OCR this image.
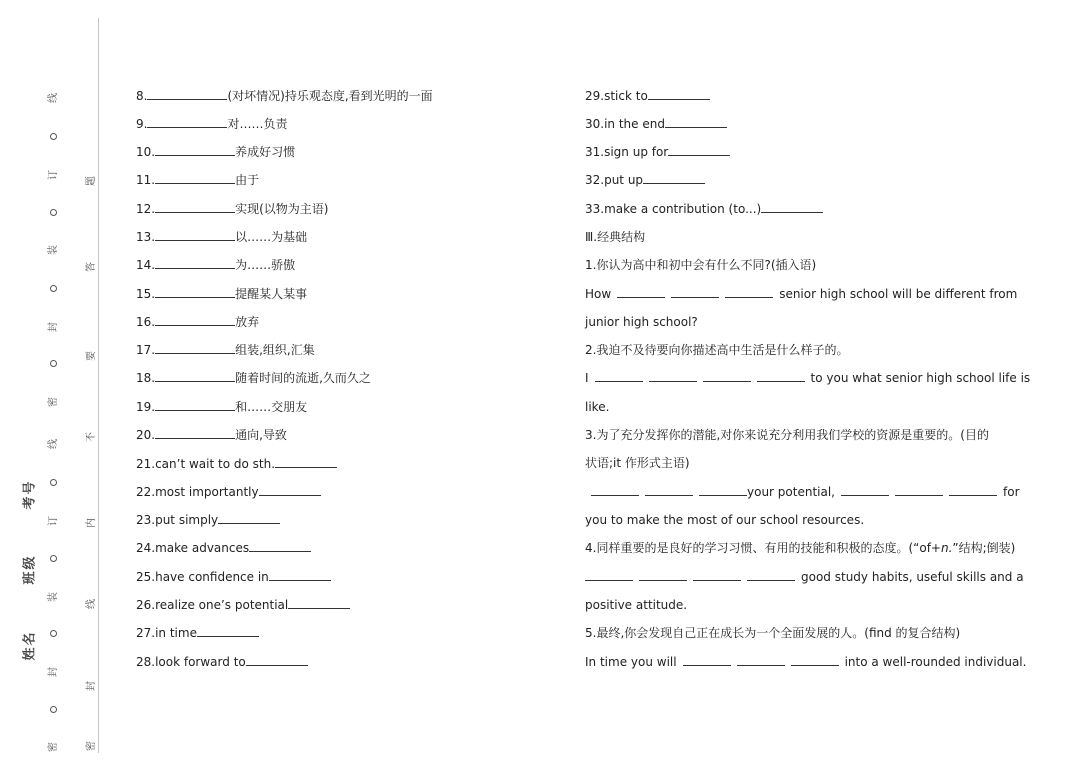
线
订
装
封
密
线
订
装
封
密
考号
班级
姓名
题
答
要
不
内
线
封
密
8.	(对坏情况)持乐观态度,看到光明的一面
9.	对……负责
10.	养成好习惯
11.	由于
12.	实现(以物为主语)
13.	以……为基础
14.	为……骄傲
15.	提醒某人某事
16.	放弃
17.	组装,组织,汇集
18.	随着时间的流逝,久而久之
19.	和……交朋友
20.	通向,导致
21.can’t wait to do sth.
22.most importantly
23.put simply
24.make advances
25.have confidence in
26.realize one’s potential
27.in time
28.look forward to
29.stick to
30.in the end
31.sign up for
32.put up
33.make a contribution (to...)
Ⅲ.经典结构
1.你认为高中和初中会有什么不同?(插入语)
How	senior high school will be different from
junior high school?
2.我迫不及待要向你描述高中生活是什么样子的。
I	to you what senior high school life is
like.
3.为了充分发挥你的潜能,对你来说充分利用我们学校的资源是重要的。(目的
状语;it 作形式主语)
your potential,	for
you to make the most of our school resources.
4.同样重要的是良好的学习习惯、有用的技能和积极的态度。(“of+n.”结构;倒装)
good study habits, useful skills and a
positive attitude.
5.最终,你会发现自己正在成长为一个全面发展的人。(find 的复合结构)
In time you will	into a well-rounded individual.
